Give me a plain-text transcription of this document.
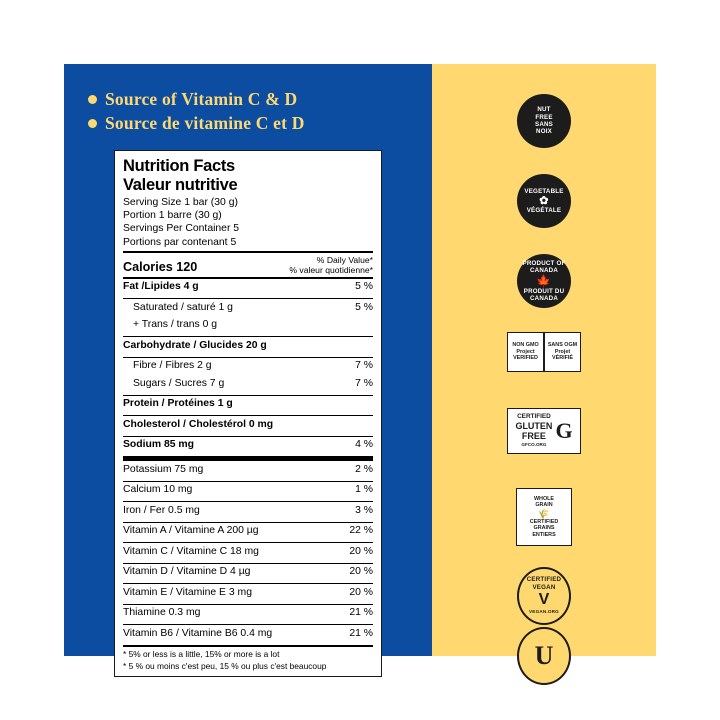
Source of Vitamin C & D
Source de vitamine C et D
Nutrition Facts
Valeur nutritive
Serving Size 1 bar (30 g)
Portion 1 barre (30 g)
Servings Per Container 5
Portions par contenant 5
Calories 120	% Daily Value*
% valeur quotidienne*
Fat /Lipides 4 g	5 %
Saturated / saturé 1 g	5 %
+ Trans / trans 0 g
Carbohydrate / Glucides 20 g
Fibre / Fibres 2 g	7 %
Sugars / Sucres 7 g	7 %
Protein / Protéines 1 g
Cholesterol / Cholestérol 0 mg
Sodium 85 mg	4 %
Potassium 75 mg	2 %
Calcium 10 mg	1 %
Iron / Fer 0.5 mg	3 %
Vitamin A / Vitamine A 200 µg	22 %
Vitamin C / Vitamine C 18 mg	20 %
Vitamin D / Vitamine D 4 µg	20 %
Vitamin E / Vitamine E 3 mg	20 %
Thiamine 0.3 mg	21 %
Vitamin B6 / Vitamine B6 0.4 mg	21 %
* 5% or less is a little, 15% or more is a lot
* 5 % ou moins c'est peu, 15 % ou plus c'est beaucoup
NUT
FREE
SANS
NOIX
VEGETABLE
✿
VÉGÉTALE
PRODUCT OF CANADA
🍁
PRODUIT DU CANADA
NON GMO Project VERIFIED
SANS OGM Projet VÉRIFIÉ
CERTIFIED
GLUTEN
FREE
GFCO.ORG
G
WHOLE
GRAIN
🌾
CERTIFIED
GRAINS
ENTIERS
CERTIFIED VEGAN
V
VEGAN.ORG
U
